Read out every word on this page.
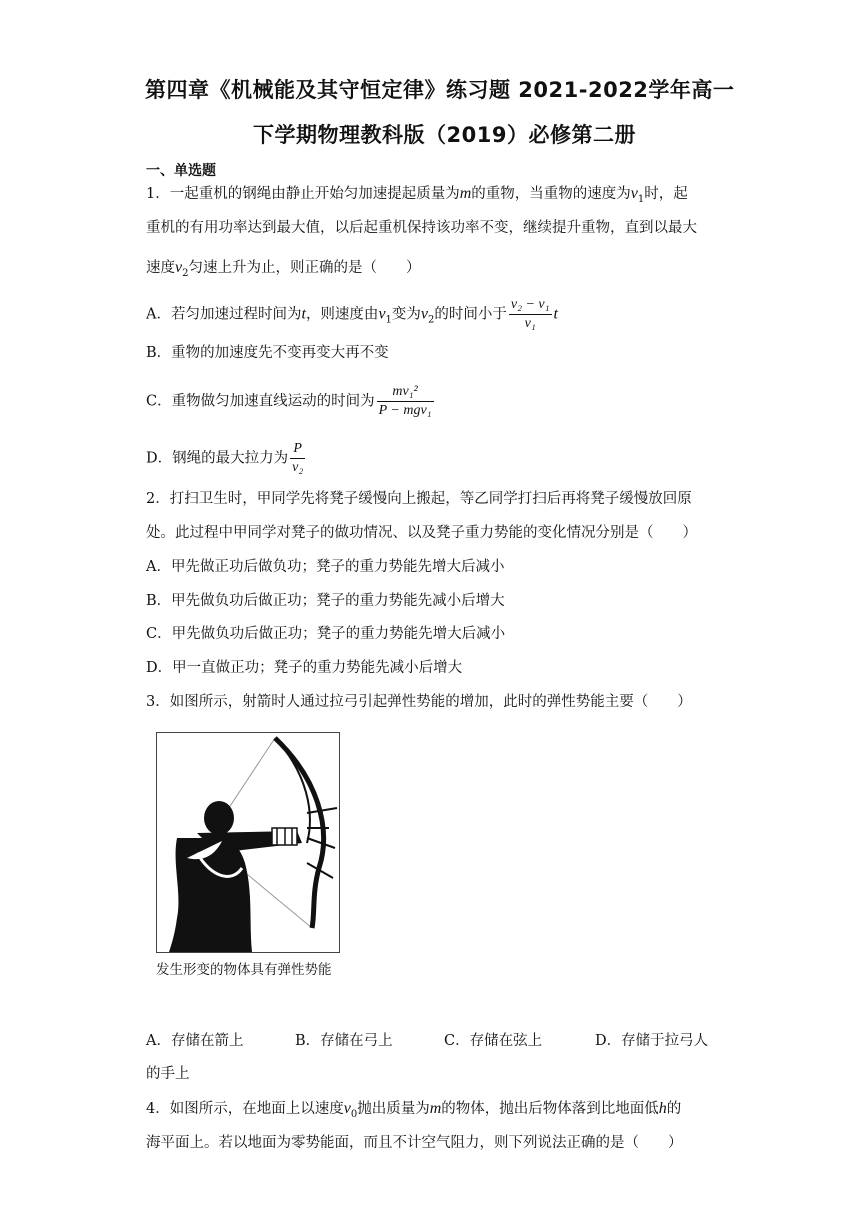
第四章《机械能及其守恒定律》练习题 2021-2022学年高一
下学期物理教科版（2019）必修第二册
一、单选题
1．一起重机的钢绳由静止开始匀加速提起质量为m的重物，当重物的速度为$v_1$时，起
重机的有用功率达到最大值，以后起重机保持该功率不变，继续提升重物，直到以最大
速度$v_2$匀速上升为止，则正确的是（　　）
A．若匀加速过程时间为t，则速度由$v_1$变为$v_2$的时间小于 $\frac{\text{v₂ − v₁}}{\text{v₁}}$ t
B．重物的加速度先不变再变大再不变
C．重物做匀加速直线运动的时间为 $\frac{\text{mv₁²}}{\text{P − mgv₁}}$
D．钢绳的最大拉力为 $\frac{P}{\text{v₂}}$
2．打扫卫生时，甲同学先将凳子缓慢向上搬起，等乙同学打扫后再将凳子缓慢放回原
处。此过程中甲同学对凳子的做功情况、以及凳子重力势能的变化情况分别是（　　）
A．甲先做正功后做负功；凳子的重力势能先增大后减小
B．甲先做负功后做正功；凳子的重力势能先减小后增大
C．甲先做负功后做正功；凳子的重力势能先增大后减小
D．甲一直做正功；凳子的重力势能先减小后增大
3．如图所示，射箭时人通过拉弓引起弹性势能的增加，此时的弹性势能主要（　　）
发生形变的物体具有弹性势能
A．存储在箭上	B．存储在弓上	C．存储在弦上	D．存储于拉弓人
的手上
4．如图所示，在地面上以速度$v_0$抛出质量为m的物体，抛出后物体落到比地面低h的
海平面上。若以地面为零势能面，而且不计空气阻力，则下列说法正确的是（　　）
